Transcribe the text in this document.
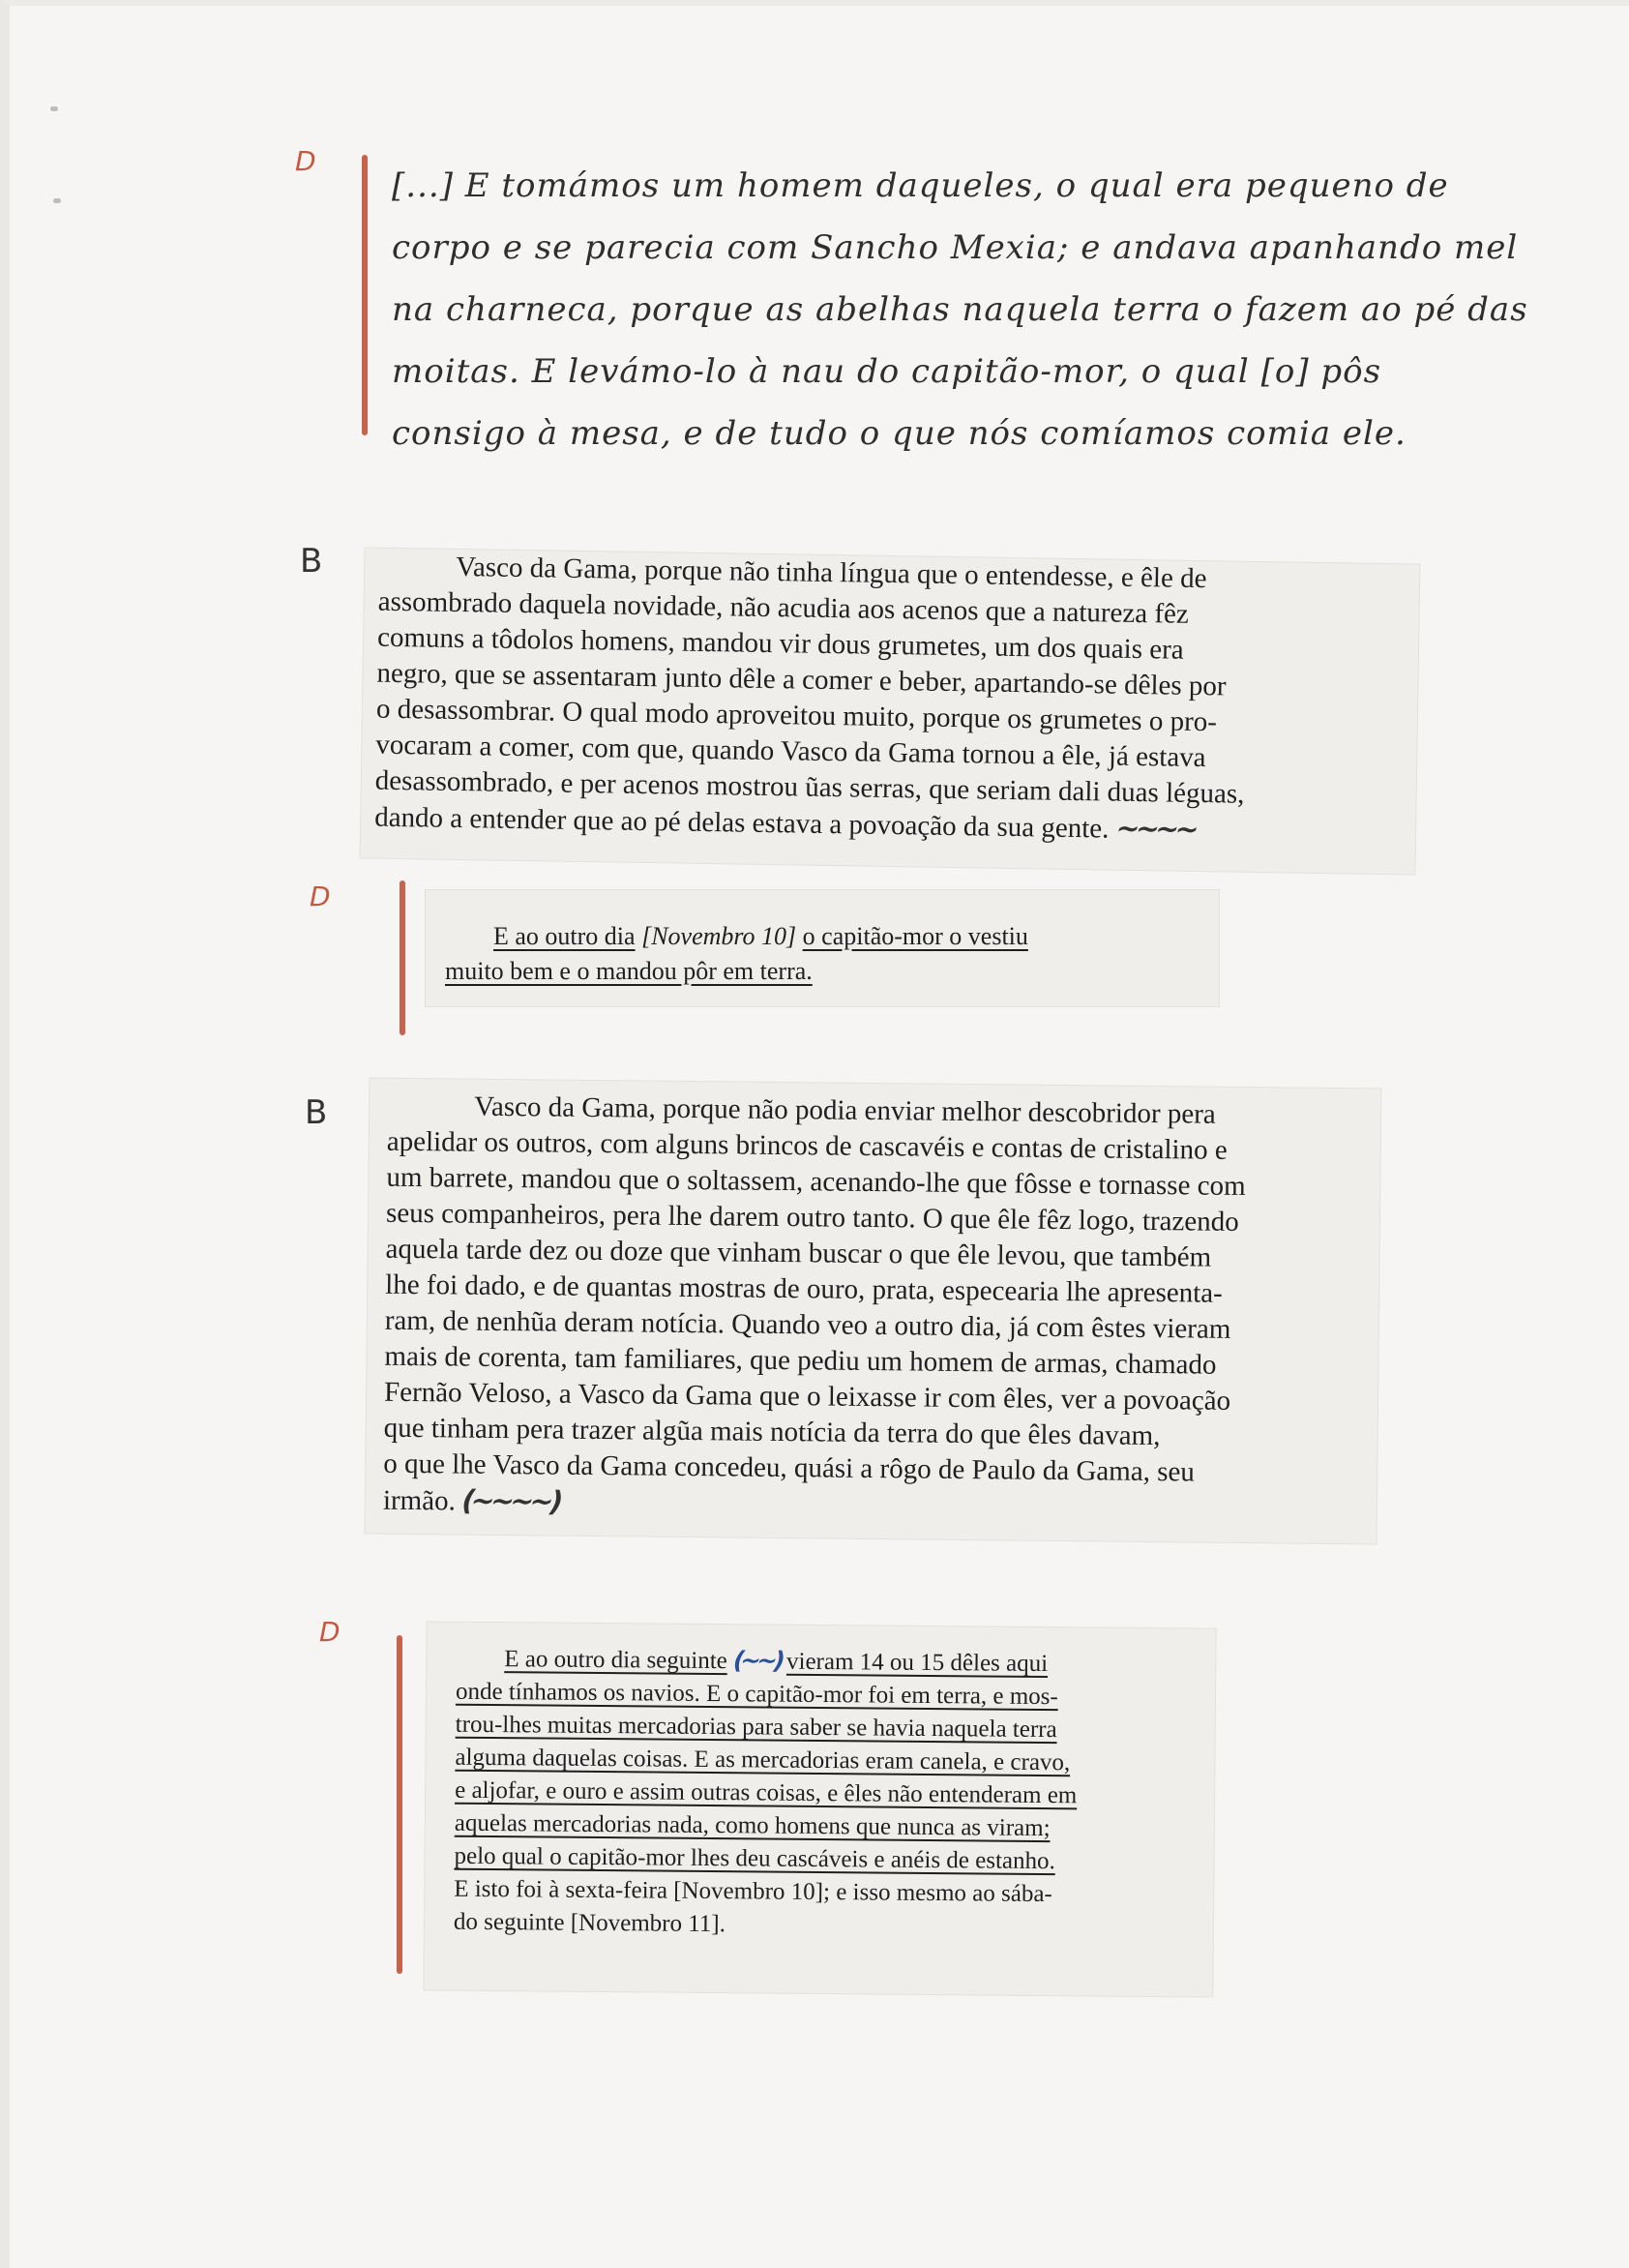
D

[...] E tomámos um homem daqueles, o qual era pequeno de

corpo e se parecia com Sancho Mexia; e andava apanhando mel

na charneca, porque as abelhas naquela terra o fazem ao pé das

moitas. E levámo-lo à nau do capitão-mor, o qual [o] pôs

consigo à mesa, e de tudo o que nós comíamos comia ele.

B	Vasco da Gama, porque não tinha língua que o entendesse, e êle de

assombrado daquela novidade, não acudia aos acenos que a natureza fêz

comuns a tôdolos homens, mandou vir dous grumetes, um dos quais era

negro, que se assentaram junto dêle a comer e beber, apartando-se dêles por

o desassombrar. O qual modo aproveitou muito, porque os grumetes o pro-

vocaram a comer, com que, quando Vasco da Gama tornou a êle, já estava

desassombrado, e per acenos mostrou ũas serras, que seriam dali duas léguas,

dando a entender que ao pé delas estava a povoação da sua gente. ~~~~

D

E ao outro dia [Novembro 10] o capitão-mor o vestiu

muito bem e o mandou pôr em terra.

B	Vasco da Gama, porque não podia enviar melhor descobridor pera

apelidar os outros, com alguns brincos de cascavéis e contas de cristalino e

um barrete, mandou que o soltassem, acenando-lhe que fôsse e tornasse com

seus companheiros, pera lhe darem outro tanto. O que êle fêz logo, trazendo

aquela tarde dez ou doze que vinham buscar o que êle levou, que também

lhe foi dado, e de quantas mostras de ouro, prata, especearia lhe apresenta-

ram, de nenhũa deram notícia. Quando veo a outro dia, já com êstes vieram

mais de corenta, tam familiares, que pediu um homem de armas, chamado

Fernão Veloso, a Vasco da Gama que o leixasse ir com êles, ver a povoação

que tinham pera trazer algũa mais notícia da terra do que êles davam,

o que lhe Vasco da Gama concedeu, quási a rôgo de Paulo da Gama, seu

irmão. (~~~~)

D

E ao outro dia seguinte (~~) vieram 14 ou 15 dêles aqui

onde tínhamos os navios. E o capitão-mor foi em terra, e mos-

trou-lhes muitas mercadorias para saber se havia naquela terra

alguma daquelas coisas. E as mercadorias eram canela, e cravo,

e aljofar, e ouro e assim outras coisas, e êles não entenderam em

aquelas mercadorias nada, como homens que nunca as viram;

pelo qual o capitão-mor lhes deu cascáveis e anéis de estanho.

E isto foi à sexta-feira [Novembro 10]; e isso mesmo ao sába-

do seguinte [Novembro 11].
